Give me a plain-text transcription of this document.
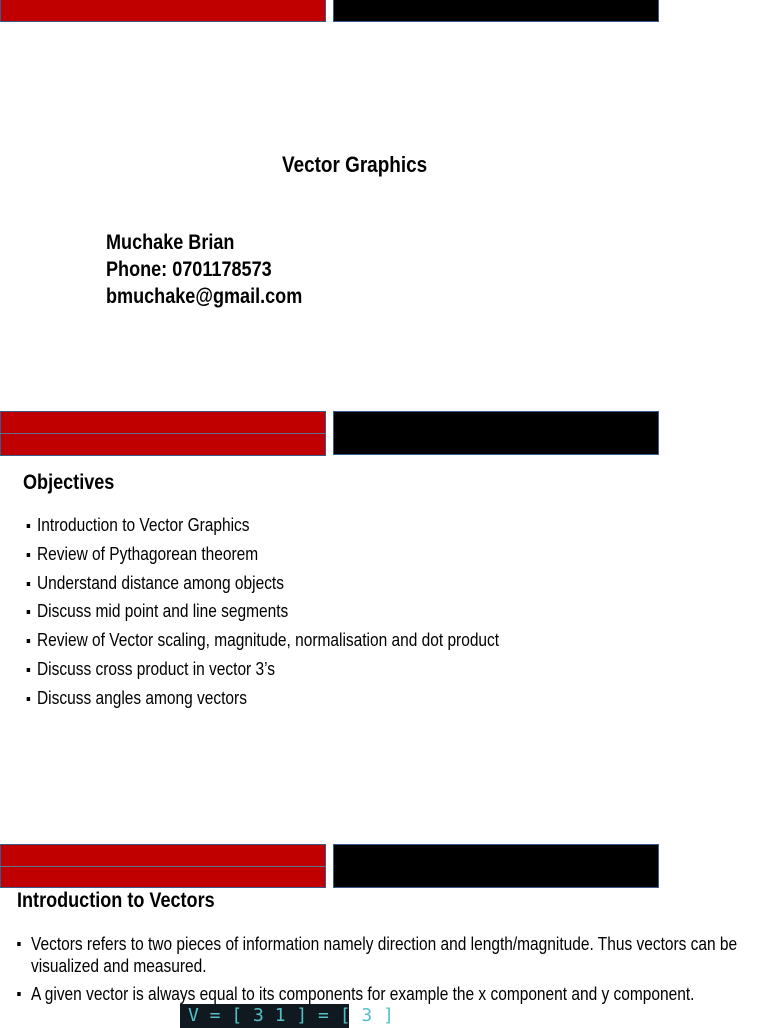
Vector Graphics
Muchake Brian
Phone: 0701178573
bmuchake@gmail.com
Objectives
Introduction to Vector Graphics
Review of Pythagorean theorem
Understand distance among objects
Discuss mid point and line segments
Review of Vector scaling, magnitude, normalisation and dot product
Discuss cross product in vector 3’s
Discuss angles among vectors
Introduction to Vectors
Vectors refers to two pieces of information namely direction and length/magnitude. Thus vectors can be visualized and measured.
A given vector is always equal to its components for example the x component and y component.
V = [ 3 1 ] = [ 3 ]
